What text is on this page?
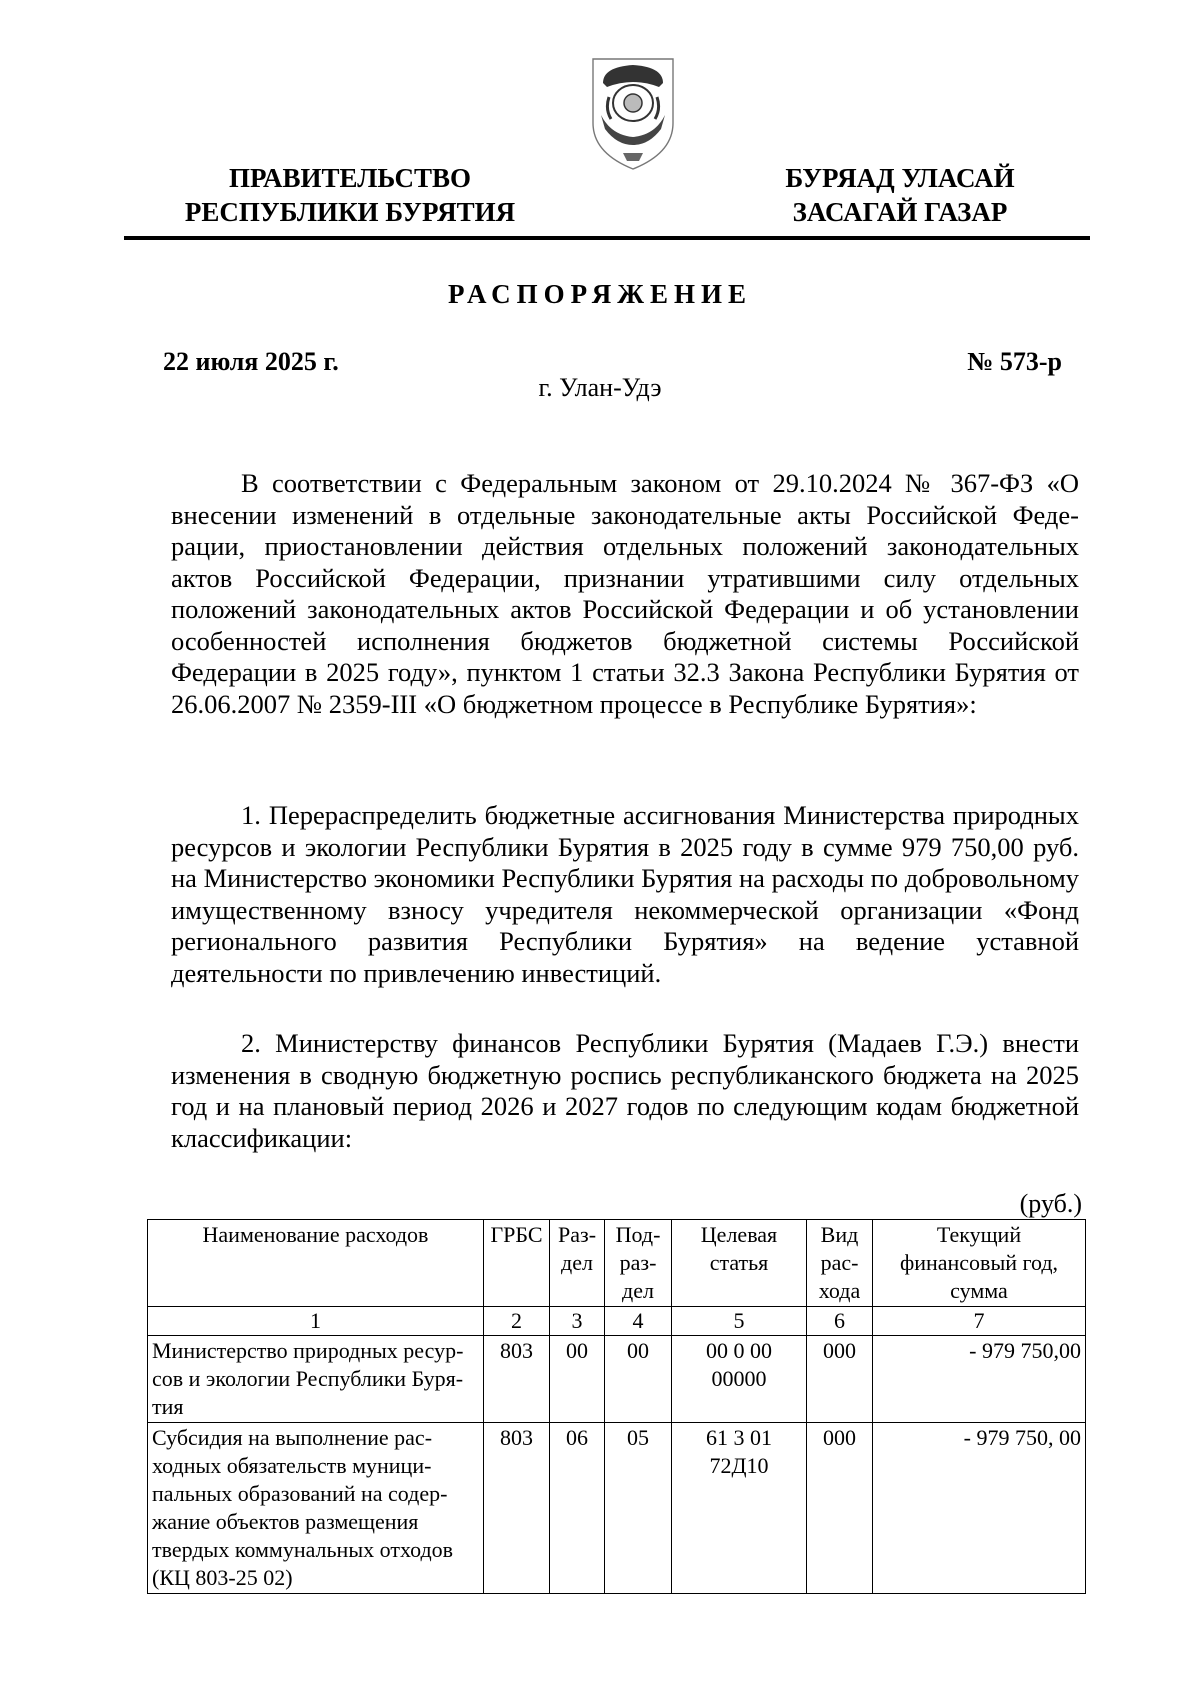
ПРАВИТЕЛЬСТВО
РЕСПУБЛИКИ БУРЯТИЯ
БУРЯАД УЛАСАЙ
ЗАСАГАЙ ГАЗАР
РАСПОРЯЖЕНИЕ
22 июля 2025 г.	№ 573-р
г. Улан-Удэ
В соответствии с Федеральным законом от 29.10.2024 № 367-ФЗ «О внесении изменений в отдельные законодательные акты Российской Федерации, приостановлении действия отдельных положений законодательных актов Российской Федерации, признании утратившими силу отдельных положений законодательных актов Российской Федерации и об установлении особенностей исполнения бюджетов бюджетной системы Российской Федерации в 2025 году», пунктом 1 статьи 32.3 Закона Республики Бурятия от 26.06.2007 № 2359-III «О бюджетном процессе в Республике Бурятия»:
1. Перераспределить бюджетные ассигнования Министерства природных ресурсов и экологии Республики Бурятия в 2025 году в сумме 979 750,00 руб. на Министерство экономики Республики Бурятия на расходы по добровольному имущественному взносу учредителя некоммерческой организации «Фонд регионального развития Республики Бурятия» на ведение уставной деятельности по привлечению инвестиций.
2. Министерству финансов Республики Бурятия (Мадаев Г.Э.) внести изменения в сводную бюджетную роспись республиканского бюджета на 2025 год и на плановый период 2026 и 2027 годов по следующим кодам бюджетной классификации:
(руб.)
Наименование расходов	ГРБС	Раздел	Подраздел	Целевая статья	Вид расхода	Текущий финансовый год, сумма
1	2	3	4	5	6	7
Министерство природных ресурсов и экологии Республики Бурятия	803	00	00	00 0 00 00000	000	- 979 750,00
Субсидия на выполнение расходных обязательств муниципальных образований на содержание объектов размещения твердых коммунальных отходов (КЦ 803-25 02)	803	06	05	61 3 01 72Д10	000	- 979 750, 00
